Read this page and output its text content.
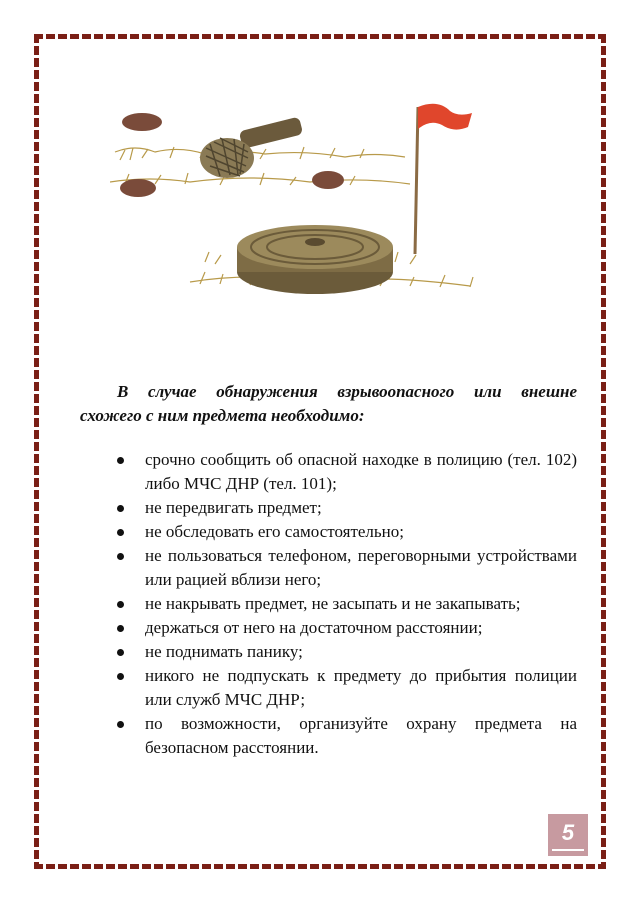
В случае обнаружения взрывоопасного или внешне
схожего с ним предмета необходимо:
срочно сообщить об опасной находке в полицию (тел. 102) либо МЧС ДНР (тел. 101);
не передвигать предмет;
не обследовать его самостоятельно;
не пользоваться телефоном, переговорными устройствами или рацией вблизи него;
не накрывать предмет, не засыпать и не закапывать;
держаться от него на достаточном расстоянии;
не поднимать панику;
никого не подпускать к предмету до прибытия полиции или служб МЧС ДНР;
по возможности, организуйте охрану предмета на безопасном расстоянии.
5
